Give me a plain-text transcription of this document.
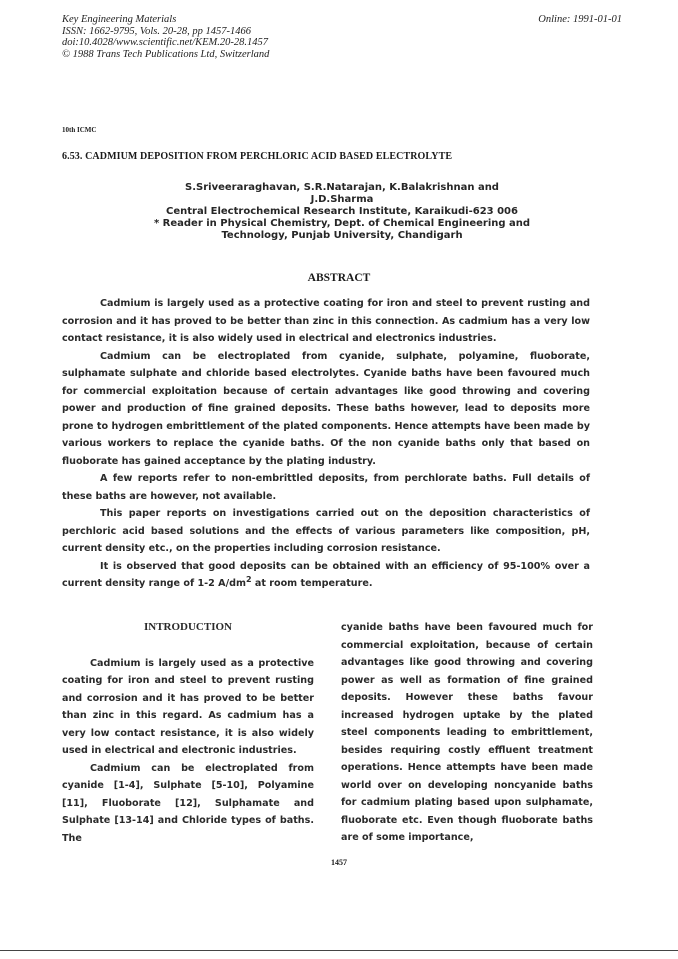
Key Engineering Materials
ISSN: 1662-9795, Vols. 20-28, pp 1457-1466
doi:10.4028/www.scientific.net/KEM.20-28.1457
© 1988 Trans Tech Publications Ltd, Switzerland
Online: 1991-01-01
10th ICMC
6.53. CADMIUM DEPOSITION FROM PERCHLORIC ACID BASED ELECTROLYTE
S.Sriveeraraghavan, S.R.Natarajan, K.Balakrishnan and
J.D.Sharma
Central Electrochemical Research Institute, Karaikudi-623 006
* Reader in Physical Chemistry, Dept. of Chemical Engineering and
Technology, Punjab University, Chandigarh
ABSTRACT

Cadmium is largely used as a protective coating for iron and steel to prevent rusting and corrosion and it has proved to be better than zinc in this connection. As cadmium has a very low contact resistance, it is also widely used in electrical and electronics industries.

Cadmium can be electroplated from cyanide, sulphate, polyamine, fluoborate, sulphamate sulphate and chloride based electrolytes. Cyanide baths have been favoured much for commercial exploitation because of certain advantages like good throwing and covering power and production of fine grained deposits. These baths however, lead to deposits more prone to hydrogen embrittlement of the plated components. Hence attempts have been made by various workers to replace the cyanide baths. Of the non cyanide baths only that based on fluoborate has gained acceptance by the plating industry.

A few reports refer to non-embrittled deposits, from perchlorate baths. Full details of these baths are however, not available.

This paper reports on investigations carried out on the deposition characteristics of perchloric acid based solutions and the effects of various parameters like composition, pH, current density etc., on the properties including corrosion resistance.

It is observed that good deposits can be obtained with an efficiency of 95-100% over a current density range of 1-2 $A/dm^2$ at room temperature.

INTRODUCTION

Cadmium is largely used as a protective coating for iron and steel to prevent rusting and corrosion and it has proved to be better than zinc in this regard. As cadmium has a very low contact resistance, it is also widely used in electrical and electronic industries.

Cadmium can be electroplated from cyanide [1-4], Sulphate [5-10], Polyamine [11], Fluoborate [12], Sulphamate and Sulphate [13-14] and Chloride types of baths. The

cyanide baths have been favoured much for commercial exploitation, because of certain advantages like good throwing and covering power as well as formation of fine grained deposits. However these baths favour increased hydrogen uptake by the plated steel components leading to embrittlement, besides requiring costly effluent treatment operations. Hence attempts have been made world over on developing noncyanide baths for cadmium plating based upon sulphamate, fluoborate etc. Even though fluoborate baths are of some importance,

1457
